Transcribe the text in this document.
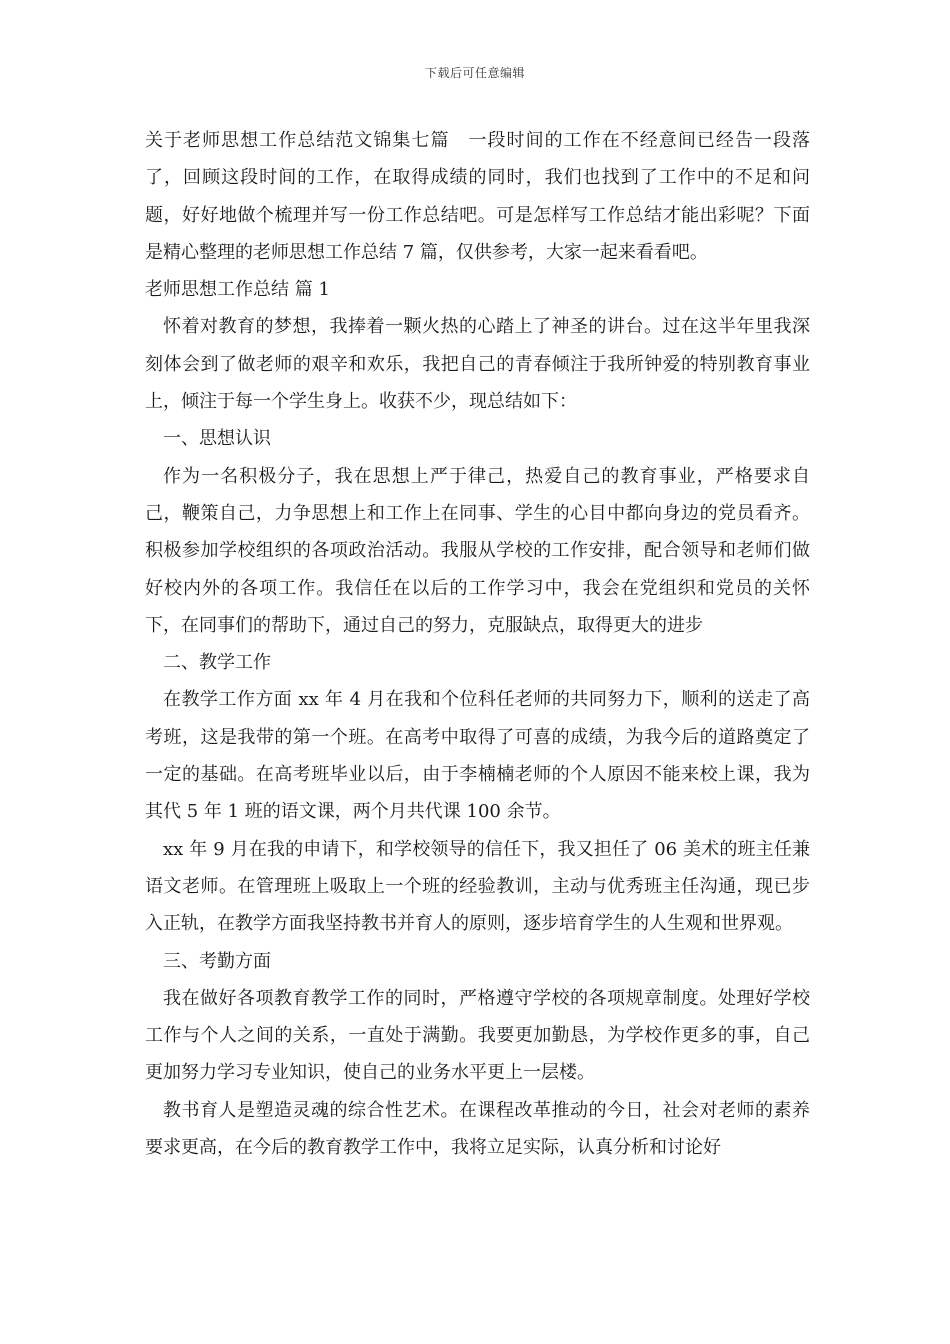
下载后可任意编辑

关于老师思想工作总结范文锦集七篇　一段时间的工作在不经意间已经告一段落了，回顾这段时间的工作，在取得成绩的同时，我们也找到了工作中的不足和问题，好好地做个梳理并写一份工作总结吧。可是怎样写工作总结才能出彩呢？下面是精心整理的老师思想工作总结 7 篇，仅供参考，大家一起来看看吧。

老师思想工作总结 篇 1

怀着对教育的梦想，我捧着一颗火热的心踏上了神圣的讲台。过在这半年里我深刻体会到了做老师的艰辛和欢乐，我把自己的青春倾注于我所钟爱的特别教育事业上，倾注于每一个学生身上。收获不少，现总结如下：

一、思想认识

作为一名积极分子，我在思想上严于律己，热爱自己的教育事业，严格要求自己，鞭策自己，力争思想上和工作上在同事、学生的心目中都向身边的党员看齐。积极参加学校组织的各项政治活动。我服从学校的工作安排，配合领导和老师们做好校内外的各项工作。我信任在以后的工作学习中，我会在党组织和党员的关怀下，在同事们的帮助下，通过自己的努力，克服缺点，取得更大的进步

二、教学工作

在教学工作方面 xx 年 4 月在我和个位科任老师的共同努力下，顺利的送走了高考班，这是我带的第一个班。在高考中取得了可喜的成绩，为我今后的道路奠定了一定的基础。在高考班毕业以后，由于李楠楠老师的个人原因不能来校上课，我为其代 5 年 1 班的语文课，两个月共代课 100 余节。

xx 年 9 月在我的申请下，和学校领导的信任下，我又担任了 06 美术的班主任兼语文老师。在管理班上吸取上一个班的经验教训，主动与优秀班主任沟通，现已步入正轨，在教学方面我坚持教书并育人的原则，逐步培育学生的人生观和世界观。

三、考勤方面

我在做好各项教育教学工作的同时，严格遵守学校的各项规章制度。处理好学校工作与个人之间的关系，一直处于满勤。我要更加勤恳，为学校作更多的事，自己更加努力学习专业知识，使自己的业务水平更上一层楼。

教书育人是塑造灵魂的综合性艺术。在课程改革推动的今日，社会对老师的素养要求更高，在今后的教育教学工作中，我将立足实际，认真分析和讨论好
